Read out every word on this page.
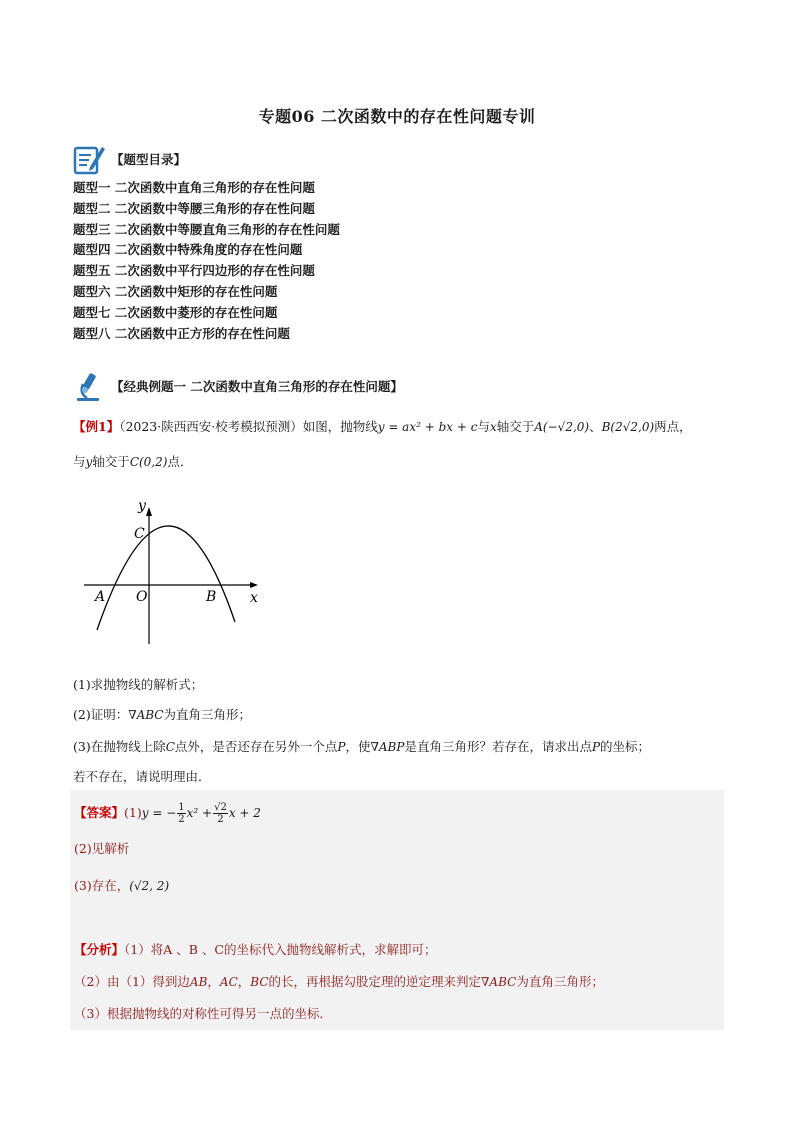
专题06 二次函数中的存在性问题专训
【题型目录】
题型一 二次函数中直角三角形的存在性问题
题型二 二次函数中等腰三角形的存在性问题
题型三 二次函数中等腰直角三角形的存在性问题
题型四 二次函数中特殊角度的存在性问题
题型五 二次函数中平行四边形的存在性问题
题型六 二次函数中矩形的存在性问题
题型七 二次函数中菱形的存在性问题
题型八 二次函数中正方形的存在性问题
【经典例题一 二次函数中直角三角形的存在性问题】
【例1】（2023·陕西西安·校考模拟预测）如图，抛物线y = ax² + bx + c与x轴交于A(−√2,0)、B(2√2,0)两点，
与y轴交于C(0,2)点．
y
x
C
A O	B
(1)求抛物线的解析式；
(2)证明：∇ABC为直角三角形；
(3)在抛物线上除C点外，是否还存在另外一个点P，使∇ABP是直角三角形？若存在，请求出点P的坐标；
若不存在，请说明理由．
【答案】(1)y = − $\frac{1}{2} x^2 + \frac{√2}{2}$ x + 2
(2)见解析
(3)存在，(√2, 2)
【分析】（1）将A 、B 、C的坐标代入抛物线解析式，求解即可；
（2）由（1）得到边AB，AC，BC的长，再根据勾股定理的逆定理来判定∇ABC为直角三角形；
（3）根据抛物线的对称性可得另一点的坐标．
